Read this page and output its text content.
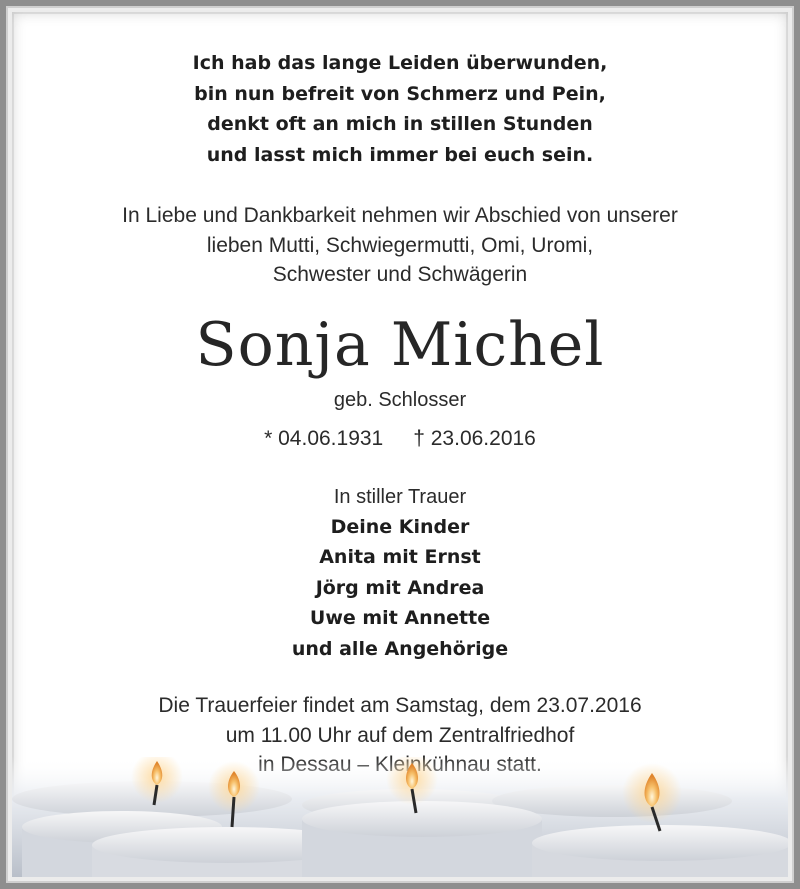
Ich hab das lange Leiden überwunden,
bin nun befreit von Schmerz und Pein,
denkt oft an mich in stillen Stunden
und lasst mich immer bei euch sein.
In Liebe und Dankbarkeit nehmen wir Abschied von unserer
lieben Mutti, Schwiegermutti, Omi, Uromi,
Schwester und Schwägerin
Sonja Michel
geb. Schlosser
* 04.06.1931 † 23.06.2016
In stiller Trauer
Deine Kinder
Anita mit Ernst
Jörg mit Andrea
Uwe mit Annette
und alle Angehörige
Die Trauerfeier findet am Samstag, dem 23.07.2016
um 11.00 Uhr auf dem Zentralfriedhof
